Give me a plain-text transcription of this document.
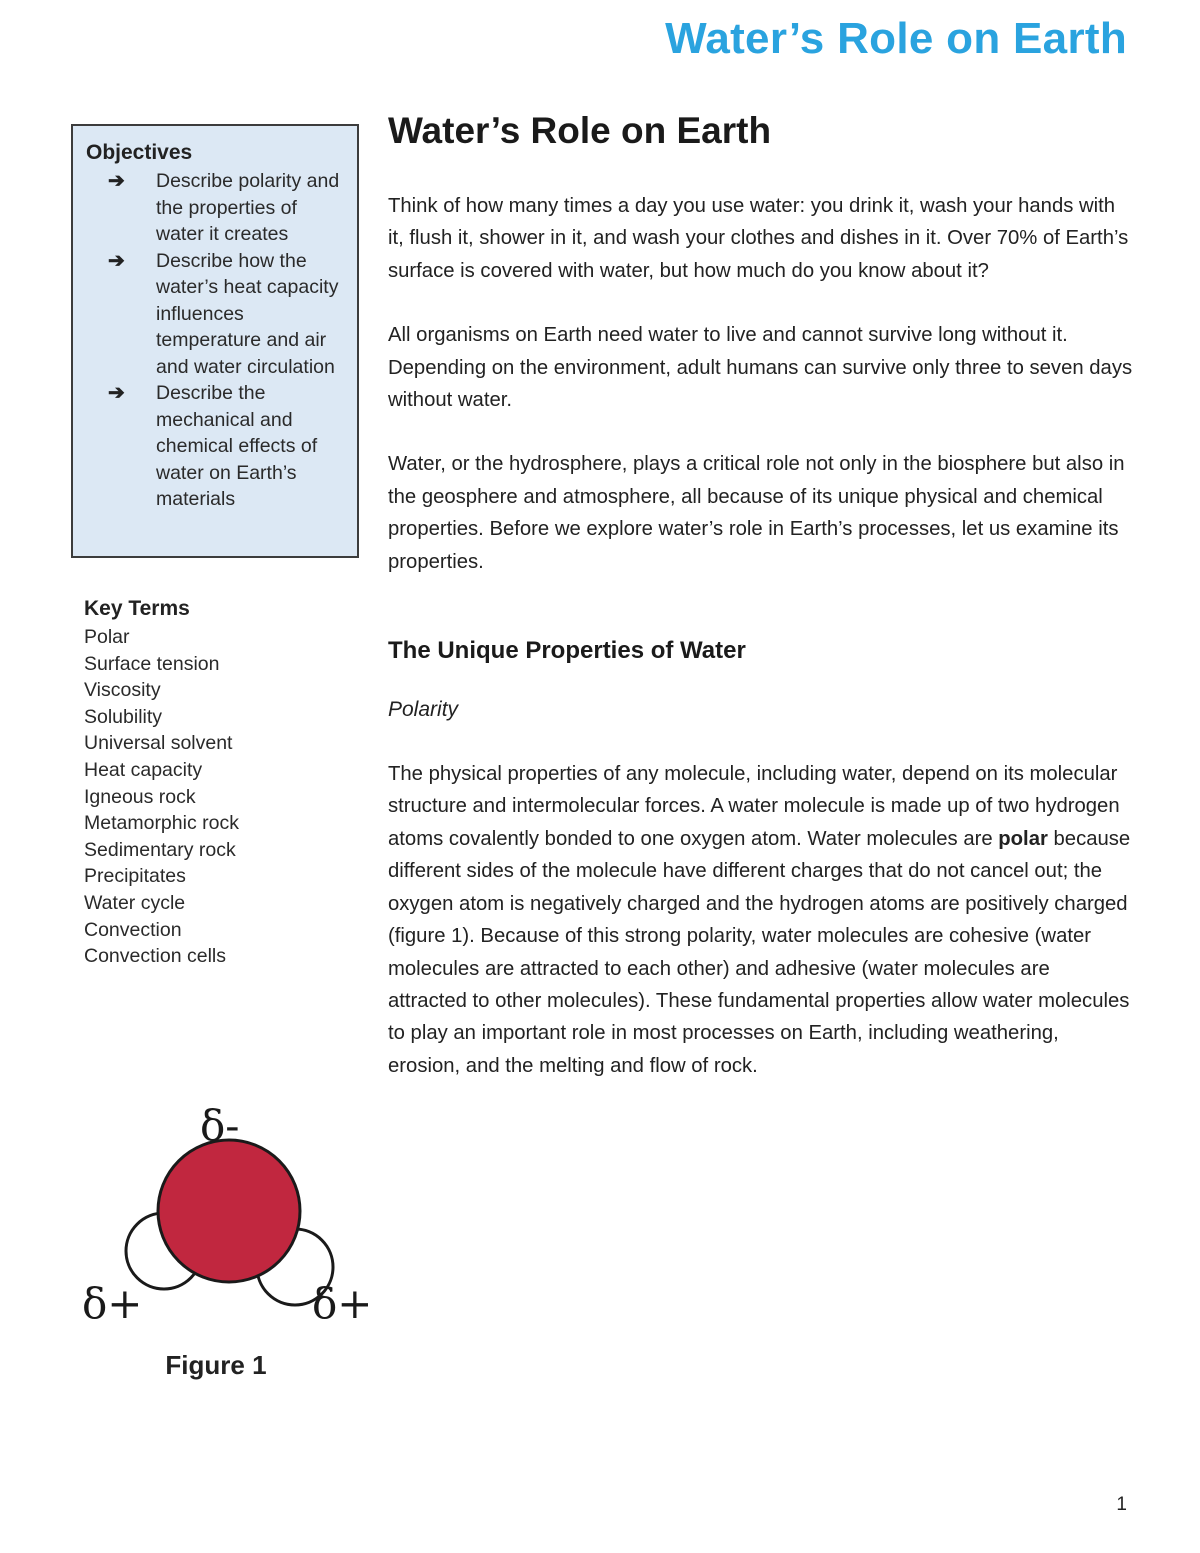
Water’s Role on Earth
Objectives
➔ Describe polarity and the properties of water it creates
➔ Describe how the water’s heat capacity influences temperature and air and water circulation
➔ Describe the mechanical and chemical effects of water on Earth’s materials
Key Terms
Polar
Surface tension
Viscosity
Solubility
Universal solvent
Heat capacity
Igneous rock
Metamorphic rock
Sedimentary rock
Precipitates
Water cycle
Convection
Convection cells
δ-
δ+	δ+
Figure 1
Water’s Role on Earth

Think of how many times a day you use water: you drink it, wash your hands with it, flush it, shower in it, and wash your clothes and dishes in it. Over 70% of Earth’s surface is covered with water, but how much do you know about it?

All organisms on Earth need water to live and cannot survive long without it. Depending on the environment, adult humans can survive only three to seven days without water.

Water, or the hydrosphere, plays a critical role not only in the biosphere but also in the geosphere and atmosphere, all because of its unique physical and chemical properties. Before we explore water’s role in Earth’s processes, let us examine its properties.

The Unique Properties of Water
Polarity

The physical properties of any molecule, including water, depend on its molecular structure and intermolecular forces. A water molecule is made up of two hydrogen atoms covalently bonded to one oxygen atom. Water molecules are polar because different sides of the molecule have different charges that do not cancel out; the oxygen atom is negatively charged and the hydrogen atoms are positively charged (figure 1). Because of this strong polarity, water molecules are cohesive (water molecules are attracted to each other) and adhesive (water molecules are attracted to other molecules). These fundamental properties allow water molecules to play an important role in most processes on Earth, including weathering, erosion, and the melting and flow of rock.

1
